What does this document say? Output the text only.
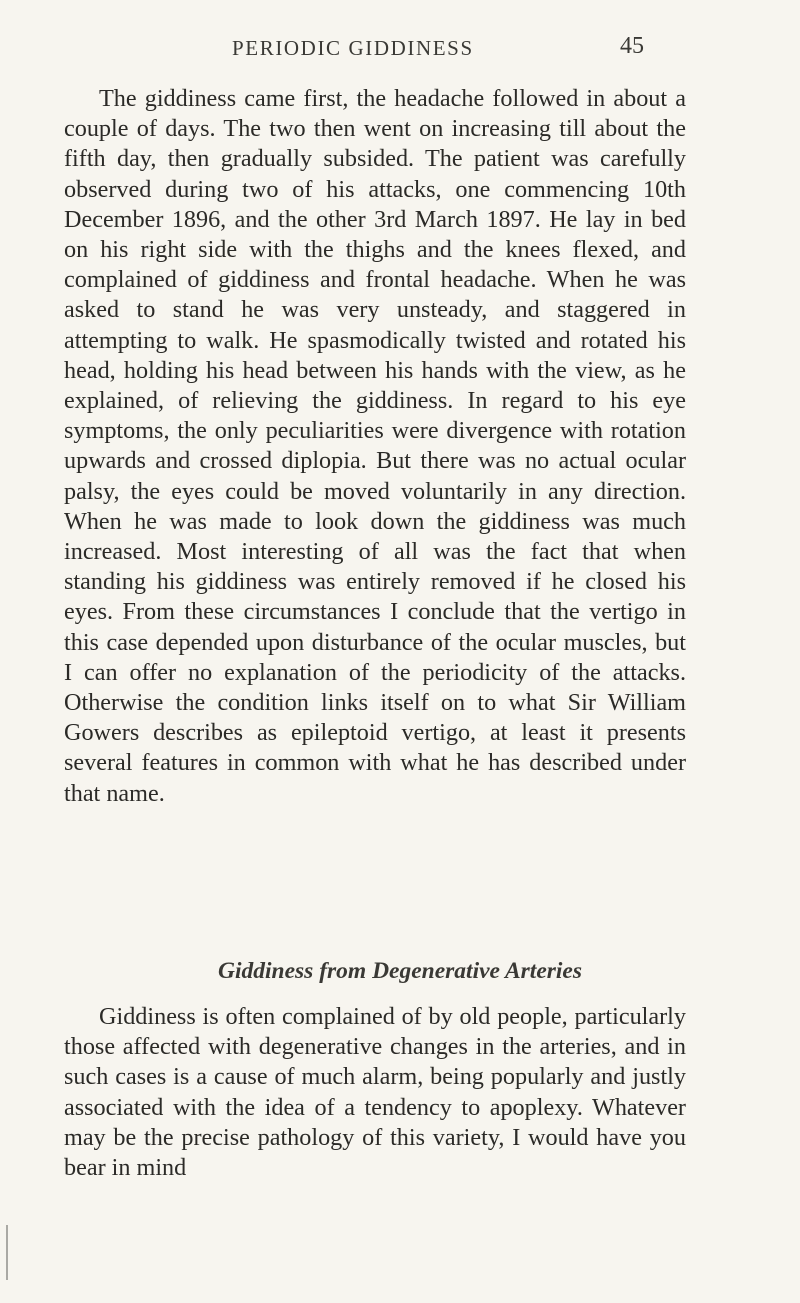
PERIODIC GIDDINESS	45

The giddiness came first, the headache followed in about a couple of days. The two then went on increasing till about the fifth day, then gradually subsided. The patient was carefully observed during two of his attacks, one commencing 10th December 1896, and the other 3rd March 1897. He lay in bed on his right side with the thighs and the knees flexed, and complained of giddiness and frontal headache. When he was asked to stand he was very unsteady, and staggered in attempting to walk. He spasmodically twisted and rotated his head, holding his head between his hands with the view, as he explained, of relieving the giddiness. In regard to his eye symptoms, the only peculiarities were divergence with rotation upwards and crossed diplopia. But there was no actual ocular palsy, the eyes could be moved voluntarily in any direction. When he was made to look down the giddiness was much increased. Most interesting of all was the fact that when standing his giddiness was entirely removed if he closed his eyes. From these circumstances I conclude that the vertigo in this case depended upon disturbance of the ocular muscles, but I can offer no explanation of the periodicity of the attacks. Otherwise the condition links itself on to what Sir William Gowers describes as epileptoid vertigo, at least it presents several features in common with what he has described under that name.

Giddiness from Degenerative Arteries

Giddiness is often complained of by old people, particularly those affected with degenerative changes in the arteries, and in such cases is a cause of much alarm, being popularly and justly associated with the idea of a tendency to apoplexy. Whatever may be the precise pathology of this variety, I would have you bear in mind
